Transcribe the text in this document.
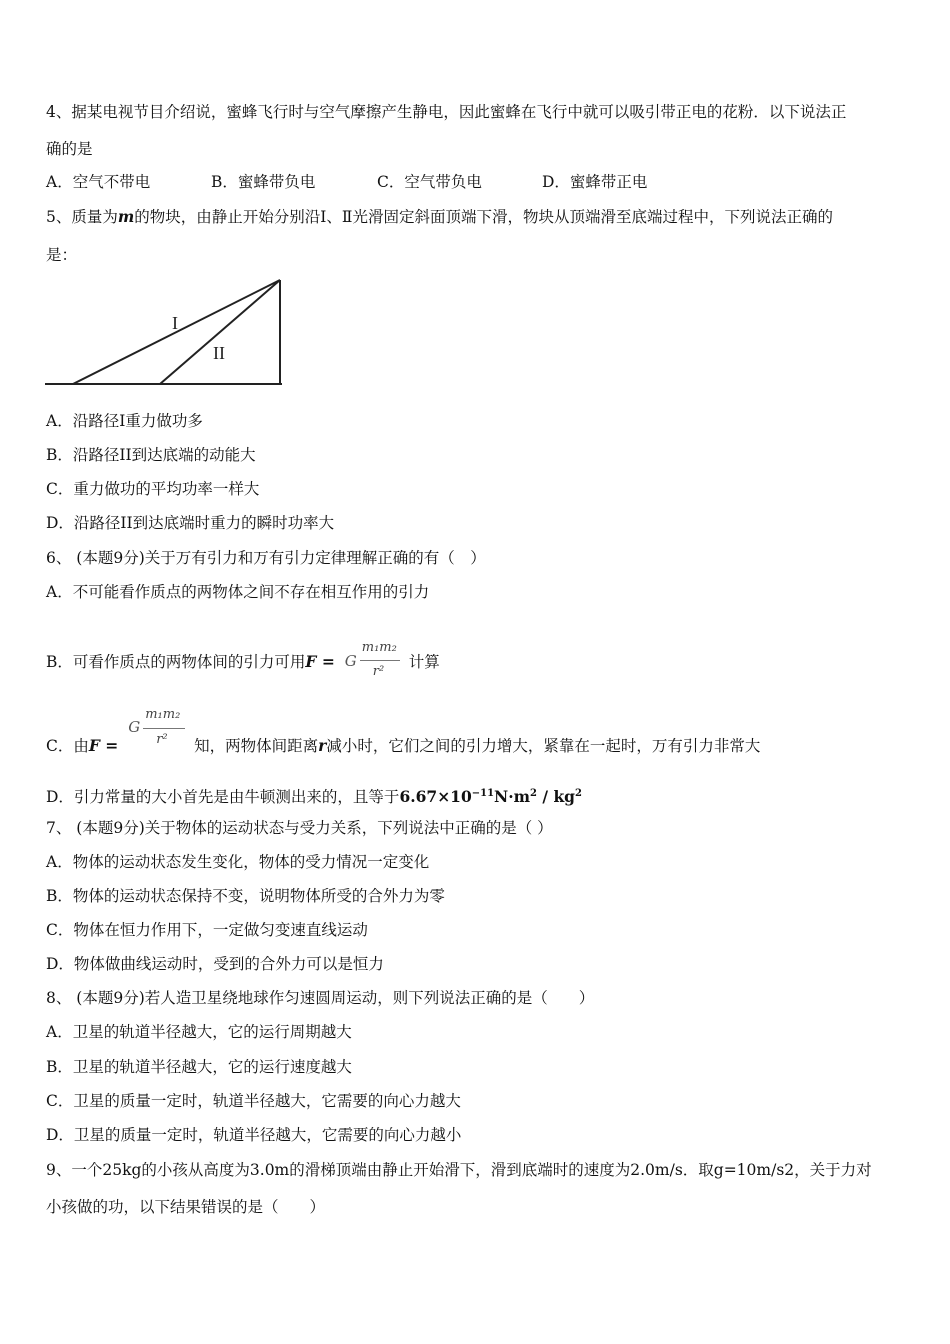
4、据某电视节目介绍说，蜜蜂飞行时与空气摩擦产生静电，因此蜜蜂在飞行中就可以吸引带正电的花粉．以下说法正
确的是
A．空气不带电	B．蜜蜂带负电	C．空气带负电	D．蜜蜂带正电
5、质量为m的物块，由静止开始分别沿Ⅰ、Ⅱ光滑固定斜面顶端下滑，物块从顶端滑至底端过程中，下列说法正确的
是：
I
II
A．沿路径Ⅰ重力做功多
B．沿路径II到达底端的动能大
C．重力做功的平均功率一样大
D．沿路径II到达底端时重力的瞬时功率大
6、 (本题9分)关于万有引力和万有引力定律理解正确的有（　）
A．不可能看作质点的两物体之间不存在相互作用的引力
B．可看作质点的两物体间的引力可用F = G
m₁m₂
r²
计算
C．由F =
G
m₁m₂
r² 知，两物体间距离r减小时，它们之间的引力增大，紧靠在一起时，万有引力非常大
D．引力常量的大小首先是由牛顿测出来的，且等于$6.67\times 10^{-11}N\cdot m^2 / kg^2$
7、 (本题9分)关于物体的运动状态与受力关系，下列说法中正确的是（ ）
A．物体的运动状态发生变化，物体的受力情况一定变化
B．物体的运动状态保持不变，说明物体所受的合外力为零
C．物体在恒力作用下，一定做匀变速直线运动
D．物体做曲线运动时，受到的合外力可以是恒力
8、 (本题9分)若人造卫星绕地球作匀速圆周运动，则下列说法正确的是（　　）
A．卫星的轨道半径越大，它的运行周期越大
B．卫星的轨道半径越大，它的运行速度越大
C．卫星的质量一定时，轨道半径越大，它需要的向心力越大
D．卫星的质量一定时，轨道半径越大，它需要的向心力越小
9、一个25kg的小孩从高度为3.0m的滑梯顶端由静止开始滑下，滑到底端时的速度为2.0m/s．取g=10m/s2，关于力对
小孩做的功，以下结果错误的是（　　）
